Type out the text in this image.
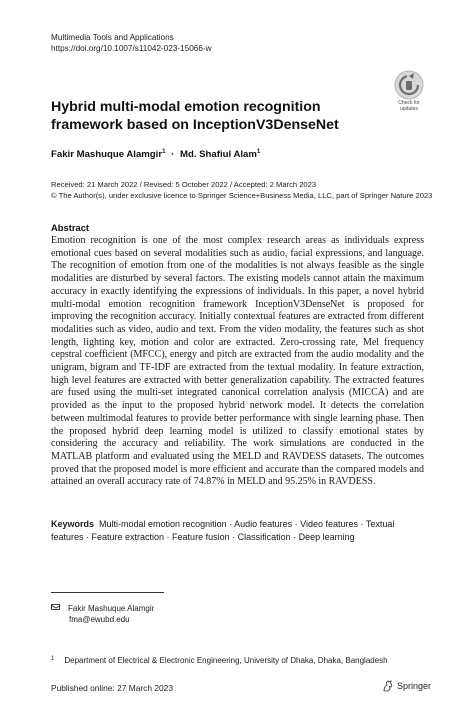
Multimedia Tools and Applications
https://doi.org/10.1007/s11042-023-15066-w
Check for
updates
Hybrid multi-modal emotion recognition framework based on InceptionV3DenseNet
Fakir Mashuque Alamgir$^1$ · Md. Shafiul Alam$^1$
Received: 21 March 2022 / Revised: 5 October 2022 / Accepted: 2 March 2023
© The Author(s), under exclusive licence to Springer Science+Business Media, LLC, part of Springer Nature 2023
Abstract
Emotion recognition is one of the most complex research areas as individuals express emotional cues based on several modalities such as audio, facial expressions, and language. The recognition of emotion from one of the modalities is not always feasible as the single modalities are disturbed by several factors. The existing models cannot attain the maximum accuracy in exactly identifying the expressions of individuals. In this paper, a novel hybrid multi-modal emotion recognition framework InceptionV3DenseNet is proposed for improving the recognition accuracy. Initially contextual features are extracted from different modalities such as video, audio and text. From the video modality, the features such as shot length, lighting key, motion and color are extracted. Zero-crossing rate, Mel frequency cepstral coefficient (MFCC), energy and pitch are extracted from the audio modality and the unigram, bigram and TF-IDF are extracted from the textual modality. In feature extraction, high level features are extracted with better generalization capability. The extracted features are fused using the multi-set integrated canonical correlation analysis (MICCA) and are provided as the input to the proposed hybrid network model. It detects the correlation between multimodal features to provide better performance with single learning phase. Then the proposed hybrid deep learning model is utilized to classify emotional states by considering the accuracy and reliability. The work simulations are conducted in the MATLAB platform and evaluated using the MELD and RAVDESS datasets. The outcomes proved that the proposed model is more efficient and accurate than the compared models and attained an overall accuracy rate of 74.87% in MELD and 95.25% in RAVDESS.
Keywords Multi-modal emotion recognition · Audio features · Video features · Textual features · Feature extraction · Feature fusion · Classification · Deep learning
Fakir Mashuque Alamgir
fma@ewubd.edu
$^1$ Department of Electrical & Electronic Engineering, University of Dhaka, Dhaka, Bangladesh
Published online: 27 March 2023	Springer
